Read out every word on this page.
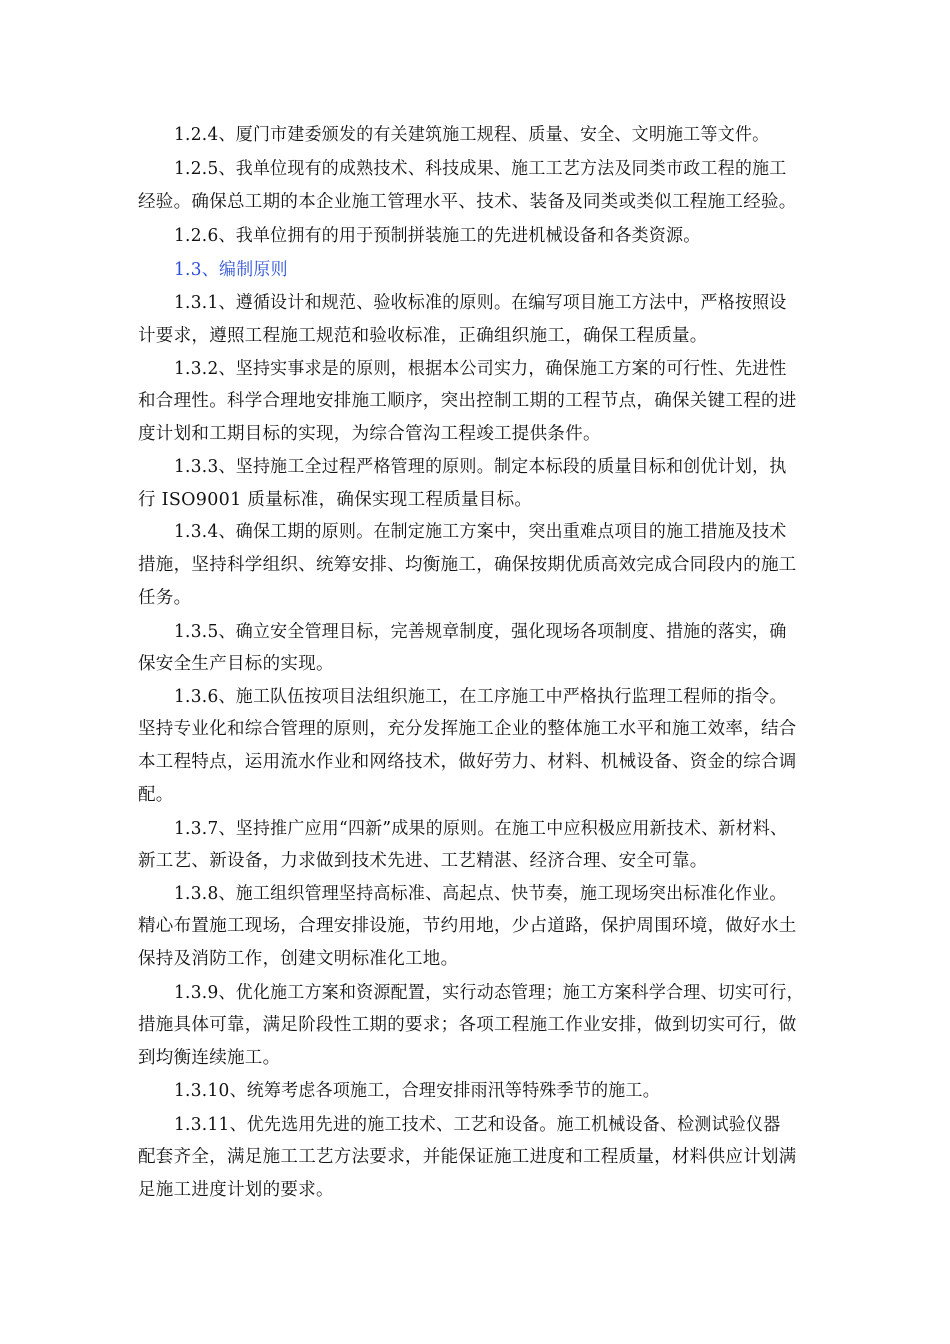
1.2.4、厦门市建委颁发的有关建筑施工规程、质量、安全、文明施工等文件。
1.2.5、我单位现有的成熟技术、科技成果、施工工艺方法及同类市政工程的施工
经验。确保总工期的本企业施工管理水平、技术、装备及同类或类似工程施工经验。
1.2.6、我单位拥有的用于预制拼装施工的先进机械设备和各类资源。
1.3、编制原则
1.3.1、遵循设计和规范、验收标准的原则。在编写项目施工方法中，严格按照设
计要求，遵照工程施工规范和验收标准，正确组织施工，确保工程质量。
1.3.2、坚持实事求是的原则，根据本公司实力，确保施工方案的可行性、先进性
和合理性。科学合理地安排施工顺序，突出控制工期的工程节点，确保关键工程的进
度计划和工期目标的实现，为综合管沟工程竣工提供条件。
1.3.3、坚持施工全过程严格管理的原则。制定本标段的质量目标和创优计划，执
行 ISO9001 质量标准，确保实现工程质量目标。
1.3.4、确保工期的原则。在制定施工方案中，突出重难点项目的施工措施及技术
措施，坚持科学组织、统筹安排、均衡施工，确保按期优质高效完成合同段内的施工
任务。
1.3.5、确立安全管理目标，完善规章制度，强化现场各项制度、措施的落实，确
保安全生产目标的实现。
1.3.6、施工队伍按项目法组织施工，在工序施工中严格执行监理工程师的指令。
坚持专业化和综合管理的原则，充分发挥施工企业的整体施工水平和施工效率，结合
本工程特点，运用流水作业和网络技术，做好劳力、材料、机械设备、资金的综合调
配。
1.3.7、坚持推广应用“四新”成果的原则。在施工中应积极应用新技术、新材料、
新工艺、新设备，力求做到技术先进、工艺精湛、经济合理、安全可靠。
1.3.8、施工组织管理坚持高标准、高起点、快节奏，施工现场突出标准化作业。
精心布置施工现场，合理安排设施，节约用地，少占道路，保护周围环境，做好水土
保持及消防工作，创建文明标准化工地。
1.3.9、优化施工方案和资源配置，实行动态管理；施工方案科学合理、切实可行，
措施具体可靠，满足阶段性工期的要求；各项工程施工作业安排，做到切实可行，做
到均衡连续施工。
1.3.10、统筹考虑各项施工，合理安排雨汛等特殊季节的施工。
1.3.11、优先选用先进的施工技术、工艺和设备。施工机械设备、检测试验仪器
配套齐全，满足施工工艺方法要求，并能保证施工进度和工程质量，材料供应计划满
足施工进度计划的要求。
